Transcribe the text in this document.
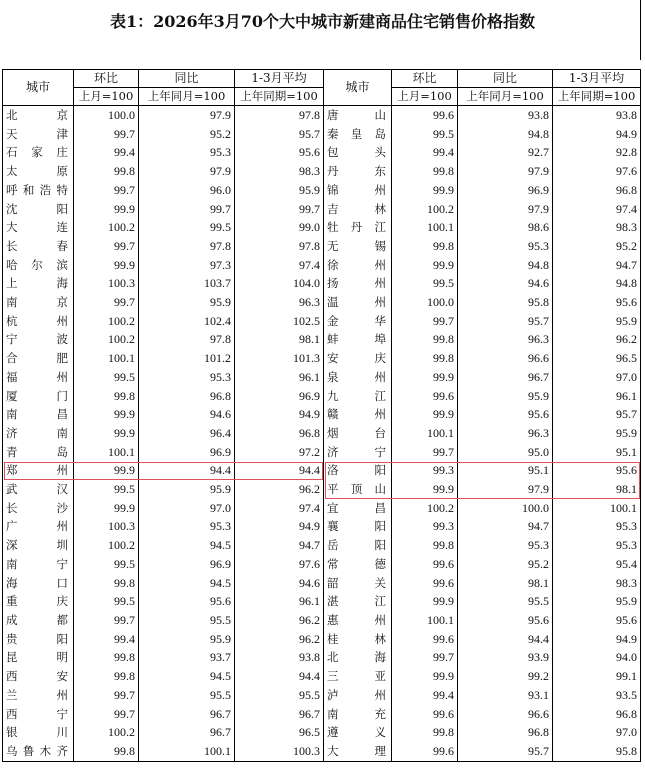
表1：2026年3月70个大中城市新建商品住宅销售价格指数
城市	环比	同比	1-3月平均	城市	环比	同比	1-3月平均
	上月=100	上年同月=100	上年同期=100		上月=100	上年同月=100	上年同期=100
北京	100.0	97.9	97.8	唐山	99.6	93.8	93.8
天津	99.7	95.2	95.7	秦皇岛	99.5	94.8	94.9
石家庄	99.4	95.3	95.6	包头	99.4	92.7	92.8
太原	99.8	97.9	98.3	丹东	99.8	97.9	97.6
呼和浩特	99.7	96.0	95.9	锦州	99.9	96.9	96.8
沈阳	99.9	99.7	99.7	吉林	100.2	97.9	97.4
大连	100.2	99.5	99.0	牡丹江	100.1	98.6	98.3
长春	99.7	97.8	97.8	无锡	99.8	95.3	95.2
哈尔滨	99.9	97.3	97.4	徐州	99.9	94.8	94.7
上海	100.3	103.7	104.0	扬州	99.5	94.6	94.8
南京	99.7	95.9	96.3	温州	100.0	95.8	95.6
杭州	100.2	102.4	102.5	金华	99.7	95.7	95.9
宁波	100.2	97.8	98.1	蚌埠	99.8	96.3	96.2
合肥	100.1	101.2	101.3	安庆	99.8	96.6	96.5
福州	99.5	95.3	96.1	泉州	99.9	96.7	97.0
厦门	99.8	96.8	96.9	九江	99.6	95.9	96.1
南昌	99.9	94.6	94.9	赣州	99.9	95.6	95.7
济南	99.9	96.4	96.8	烟台	100.1	96.3	95.9
青岛	100.1	96.9	97.2	济宁	99.7	95.0	95.1
郑州	99.9	94.4	94.4	洛阳	99.3	95.1	95.6
武汉	99.5	95.9	96.2	平顶山	99.9	97.9	98.1
长沙	99.9	97.0	97.4	宜昌	100.2	100.0	100.1
广州	100.3	95.3	94.9	襄阳	99.3	94.7	95.3
深圳	100.2	94.5	94.7	岳阳	99.8	95.3	95.3
南宁	99.5	96.9	97.6	常德	99.6	95.2	95.4
海口	99.8	94.5	94.6	韶关	99.6	98.1	98.3
重庆	99.5	95.6	96.1	湛江	99.9	95.5	95.9
成都	99.7	95.5	96.2	惠州	100.1	95.6	95.6
贵阳	99.4	95.9	96.2	桂林	99.6	94.4	94.9
昆明	99.8	93.7	93.8	北海	99.7	93.9	94.0
西安	99.8	94.5	94.4	三亚	99.9	99.2	99.1
兰州	99.7	95.5	95.5	泸州	99.4	93.1	93.5
西宁	99.7	96.7	96.7	南充	99.6	96.6	96.8
银川	100.2	96.7	96.5	遵义	99.8	96.8	97.0
乌鲁木齐	99.8	100.1	100.3	大理	99.6	95.7	95.8
